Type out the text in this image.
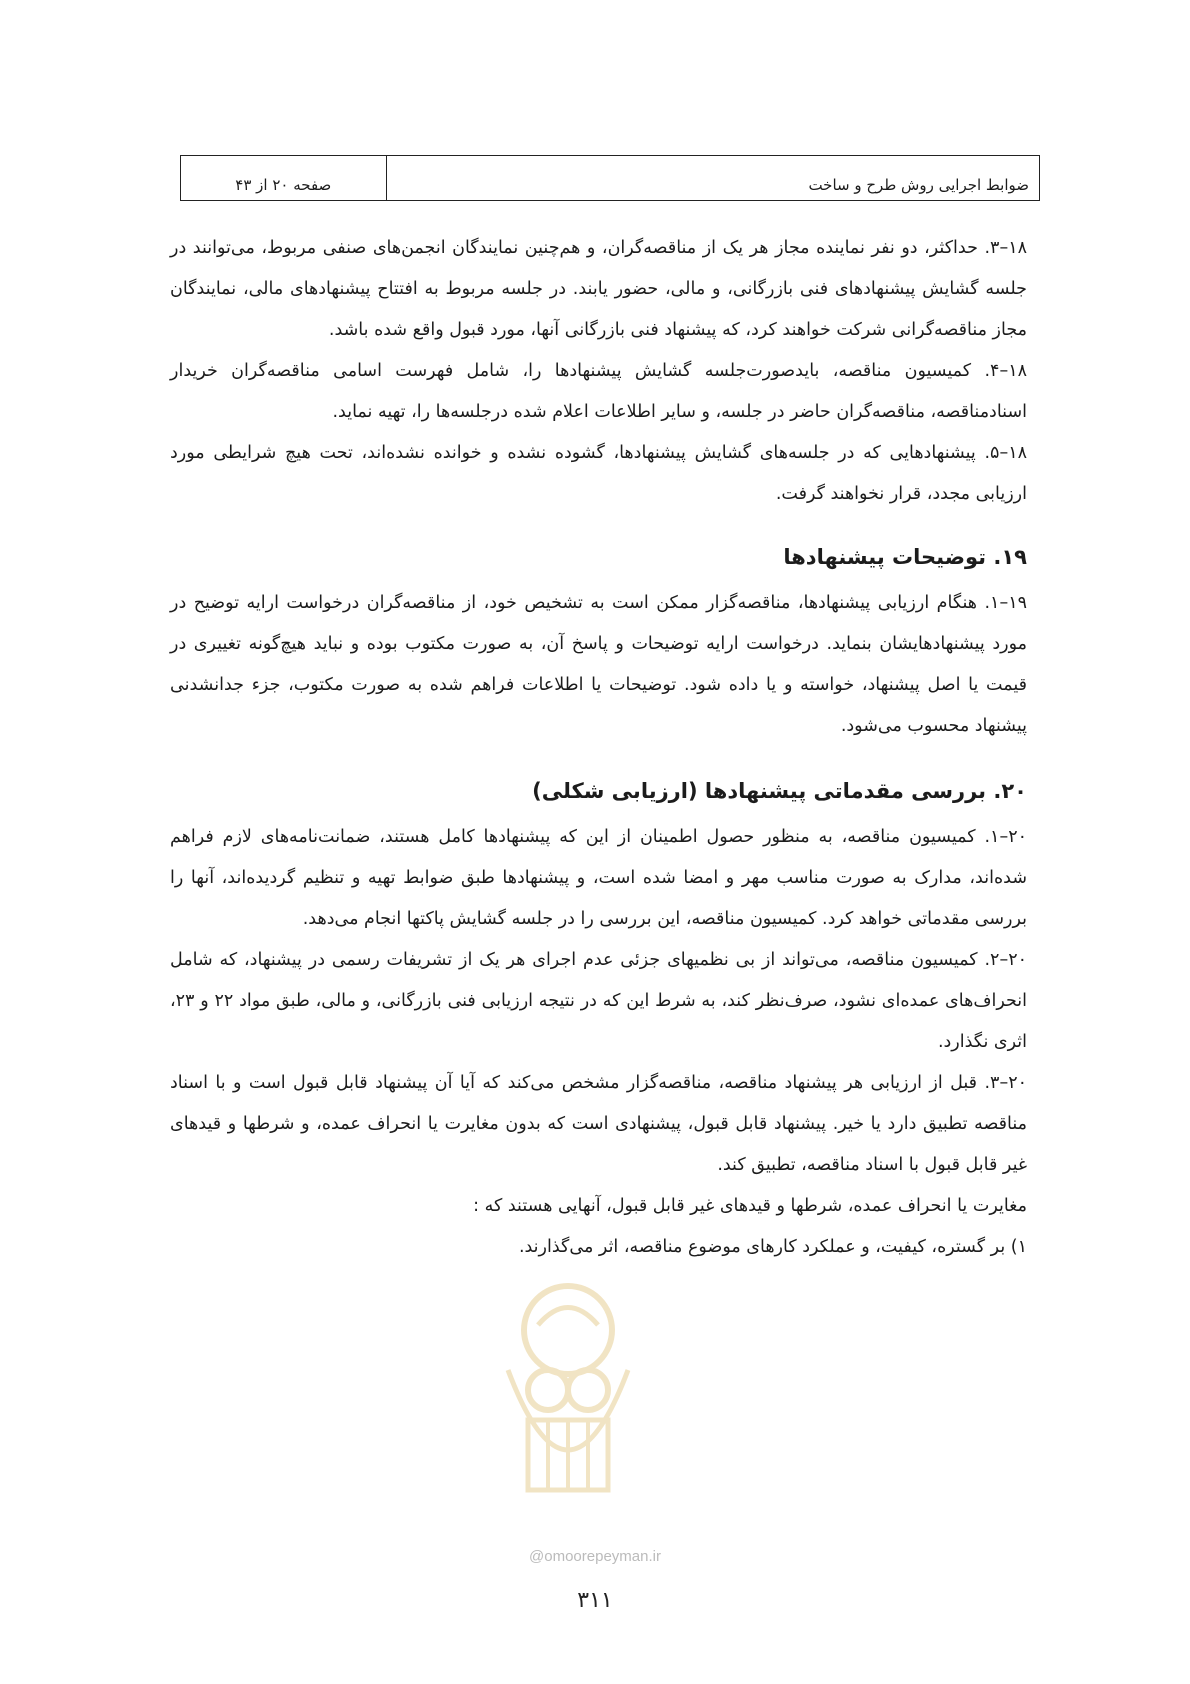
ضوابط اجرایی روش طرح و ساخت
صفحه ۲۰ از ۴۳

۱۸–۳. حداکثر، دو نفر نماینده مجاز هر یک از مناقصه‌گران، و هم‌چنین نمایندگان انجمن‌های صنفی مربوط، می‌توانند در جلسه گشایش پیشنهادهای فنی بازرگانی، و مالی، حضور یابند. در جلسه مربوط به افتتاح پیشنهادهای مالی، نمایندگان مجاز مناقصه‌گرانی شرکت خواهند کرد، که پیشنهاد فنی بازرگانی آنها، مورد قبول واقع شده باشد.

۱۸–۴. کمیسیون مناقصه، بایدصورت‌جلسه گشایش پیشنهادها را، شامل فهرست اسامی مناقصه‌گران خریدار اسنادمناقصه، مناقصه‌گران حاضر در جلسه، و سایر اطلاعات اعلام شده درجلسه‌ها را، تهیه نماید.

۱۸–۵. پیشنهادهایی که در جلسه‌های گشایش پیشنهادها، گشوده نشده و خوانده نشده‌اند، تحت هیچ شرایطی مورد ارزیابی مجدد، قرار نخواهند گرفت.

۱۹. توضیحات پیشنهادها

۱۹–۱. هنگام ارزیابی پیشنهادها، مناقصه‌گزار ممکن است به تشخیص خود، از مناقصه‌گران درخواست ارایه توضیح در مورد پیشنهادهایشان بنماید. درخواست ارایه توضیحات و پاسخ آن، به صورت مکتوب بوده و نباید هیچ‌گونه تغییری در قیمت یا اصل پیشنهاد، خواسته و یا داده شود. توضیحات یا اطلاعات فراهم شده به صورت مکتوب، جزء جدانشدنی پیشنهاد محسوب می‌شود.

۲۰. بررسی مقدماتی پیشنهادها (ارزیابی شکلی)

۲۰–۱. کمیسیون مناقصه، به منظور حصول اطمینان از این که پیشنهادها کامل هستند، ضمانت‌نامه‌های لازم فراهم شده‌اند، مدارک به صورت مناسب مهر و امضا شده است، و پیشنهادها طبق ضوابط تهیه و تنظیم گردیده‌اند، آنها را بررسی مقدماتی خواهد کرد. کمیسیون مناقصه، این بررسی را در جلسه گشایش پاکتها انجام می‌دهد.

۲۰–۲. کمیسیون مناقصه، می‌تواند از بی نظمیهای جزئی عدم اجرای هر یک از تشریفات رسمی در پیشنهاد، که شامل انحراف‌های عمده‌ای نشود، صرف‌نظر کند، به شرط این که در نتیجه ارزیابی فنی بازرگانی، و مالی، طبق مواد ۲۲ و ۲۳، اثری نگذارد.

۲۰–۳. قبل از ارزیابی هر پیشنهاد مناقصه، مناقصه‌گزار مشخص می‌کند که آیا آن پیشنهاد قابل قبول است و با اسناد مناقصه تطبیق دارد یا خیر. پیشنهاد قابل قبول، پیشنهادی است که بدون مغایرت یا انحراف عمده، و شرطها و قیدهای غیر قابل قبول با اسناد مناقصه، تطبیق کند.

مغایرت یا انحراف عمده، شرطها و قیدهای غیر قابل قبول، آنهایی هستند که :

۱) بر گستره، کیفیت، و عملکرد کارهای موضوع مناقصه، اثر می‌گذارند.

@omoorepeyman.ir
۳۱۱
